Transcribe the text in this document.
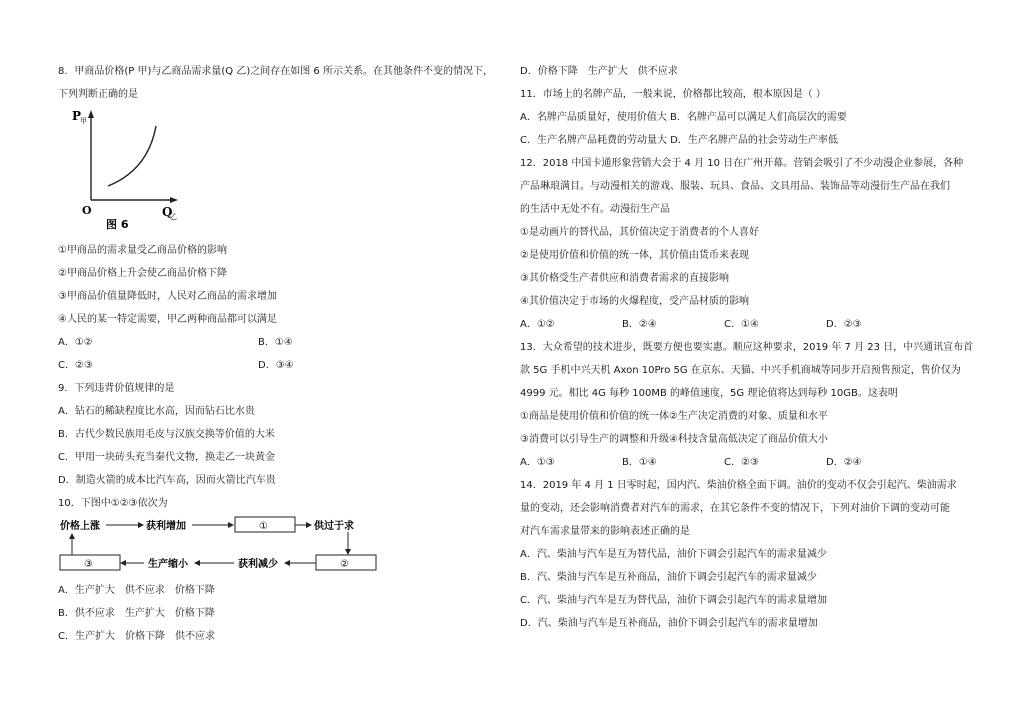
8．甲商品价格(P 甲)与乙商品需求量(Q 乙)之间存在如图 6 所示关系。在其他条件不变的情况下，
下列判断正确的是
P
甲
O	Q
乙
图 6
①甲商品的需求量受乙商品价格的影响
②甲商品价格上升会使乙商品价格下降
③甲商品价值量降低时，人民对乙商品的需求增加
④人民的某一特定需要，甲乙两种商品都可以满足
A．①②	B．①④
C．②③	D．③④
9．下列违背价值规律的是
A．钻石的稀缺程度比水高，因而钻石比水贵
B．古代少数民族用毛皮与汉族交换等价值的大米
C．甲用一块砖头充当秦代文物，换走乙一块黄金
D．制造火箭的成本比汽车高，因而火箭比汽车贵
10．下图中①②③依次为
价格上涨	获利增加	①	供过于求
②
获利减少
生产缩小
③
A．生产扩大　供不应求　价格下降
B．供不应求　生产扩大　价格下降
C．生产扩大　价格下降　供不应求
D．价格下降　生产扩大　供不应求
11．市场上的名牌产品，一般来说，价格都比较高，根本原因是（ ）
A．名牌产品质量好，使用价值大 B．名牌产品可以满足人们高层次的需要
C．生产名牌产品耗费的劳动量大 D．生产名牌产品的社会劳动生产率低
12．2018 中国卡通形象营销大会于 4 月 10 日在广州开幕。营销会吸引了不少动漫企业参展，各种
产品琳琅满目。与动漫相关的游戏、服装、玩具、食品、文具用品、装饰品等动漫衍生产品在我们
的生活中无处不有。动漫衍生产品
①是动画片的替代品，其价值决定于消费者的个人喜好
②是使用价值和价值的统一体，其价值由货币来表现
③其价格受生产者供应和消费者需求的直接影响
④其价值决定于市场的火爆程度，受产品材质的影响
A．①②	B．②④	C．①④	D．②③
13．大众希望的技术进步，既要方便也要实惠。顺应这种要求，2019 年 7 月 23 日，中兴通讯宣布首
款 5G 手机中兴天机 Axon 10Pro 5G 在京东、天猫、中兴手机商城等同步开启预售预定，售价仅为
4999 元。相比 4G 每秒 100MB 的峰值速度，5G 理论值将达到每秒 10GB。这表明
①商品是使用价值和价值的统一体②生产决定消费的对象、质量和水平
③消费可以引导生产的调整和升级④科技含量高低决定了商品价值大小
A．①③	B．①④	C．②③	D．②④
14．2019 年 4 月 1 日零时起，国内汽、柴油价格全面下调。油价的变动不仅会引起汽、柴油需求
量的变动，还会影响消费者对汽车的需求，在其它条件不变的情况下，下列对油价下调的变动可能
对汽车需求量带来的影响表述正确的是
A．汽、柴油与汽车是互为替代品，油价下调会引起汽车的需求量减少
B．汽、柴油与汽车是互补商品，油价下调会引起汽车的需求量减少
C．汽、柴油与汽车是互为替代品，油价下调会引起汽车的需求量增加
D．汽、柴油与汽车是互补商品，油价下调会引起汽车的需求量增加
